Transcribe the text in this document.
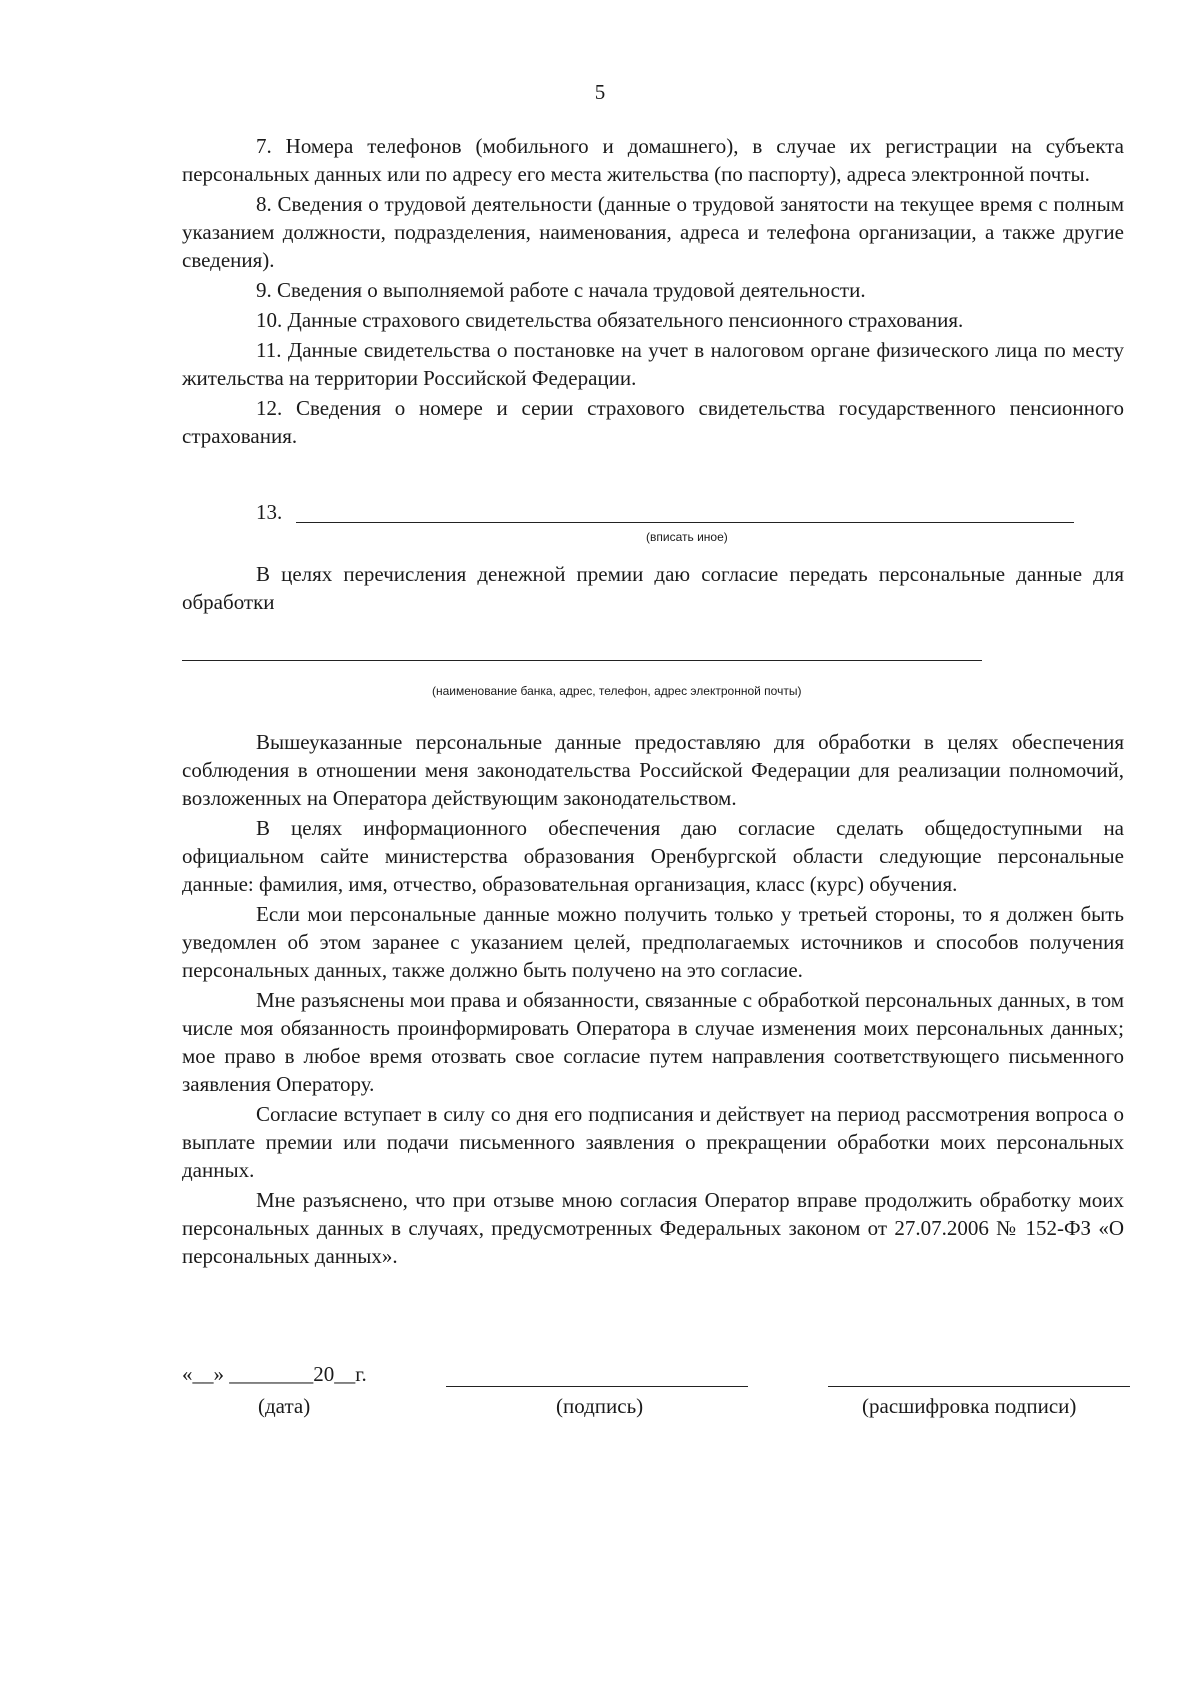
5

7. Номера телефонов (мобильного и домашнего), в случае их регистрации на субъекта персональных данных или по адресу его места жительства (по паспорту), адреса электронной почты.

8. Сведения о трудовой деятельности (данные о трудовой занятости на текущее время с полным указанием должности, подразделения, наименования, адреса и телефона организации, а также другие сведения).

9. Сведения о выполняемой работе с начала трудовой деятельности.

10. Данные страхового свидетельства обязательного пенсионного страхования.

11. Данные свидетельства о постановке на учет в налоговом органе физического лица по месту жительства на территории Российской Федерации.

12. Сведения о номере и серии страхового свидетельства государственного пенсионного страхования.

13.
(вписать иное)

В целях перечисления денежной премии даю согласие передать персональные данные для обработки

(наименование банка, адрес, телефон, адрес электронной почты)

Вышеуказанные персональные данные предоставляю для обработки в целях обеспечения соблюдения в отношении меня законодательства Российской Федерации для реализации полномочий, возложенных на Оператора действующим законодательством.

В целях информационного обеспечения даю согласие сделать общедоступными на официальном сайте министерства образования Оренбургской области следующие персональные данные: фамилия, имя, отчество, образовательная организация, класс (курс) обучения.

Если мои персональные данные можно получить только у третьей стороны, то я должен быть уведомлен об этом заранее с указанием целей, предполагаемых источников и способов получения персональных данных, также должно быть получено на это согласие.

Мне разъяснены мои права и обязанности, связанные с обработкой персональных данных, в том числе моя обязанность проинформировать Оператора в случае изменения моих персональных данных; мое право в любое время отозвать свое согласие путем направления соответствующего письменного заявления Оператору.

Согласие вступает в силу со дня его подписания и действует на период рассмотрения вопроса о выплате премии или подачи письменного заявления о прекращении обработки моих персональных данных.

Мне разъяснено, что при отзыве мною согласия Оператор вправе продолжить обработку моих персональных данных в случаях, предусмотренных Федеральных законом от 27.07.2006 № 152-ФЗ «О персональных данных».

«__» ________20__г.
(дата)	(подпись)	(расшифровка подписи)
